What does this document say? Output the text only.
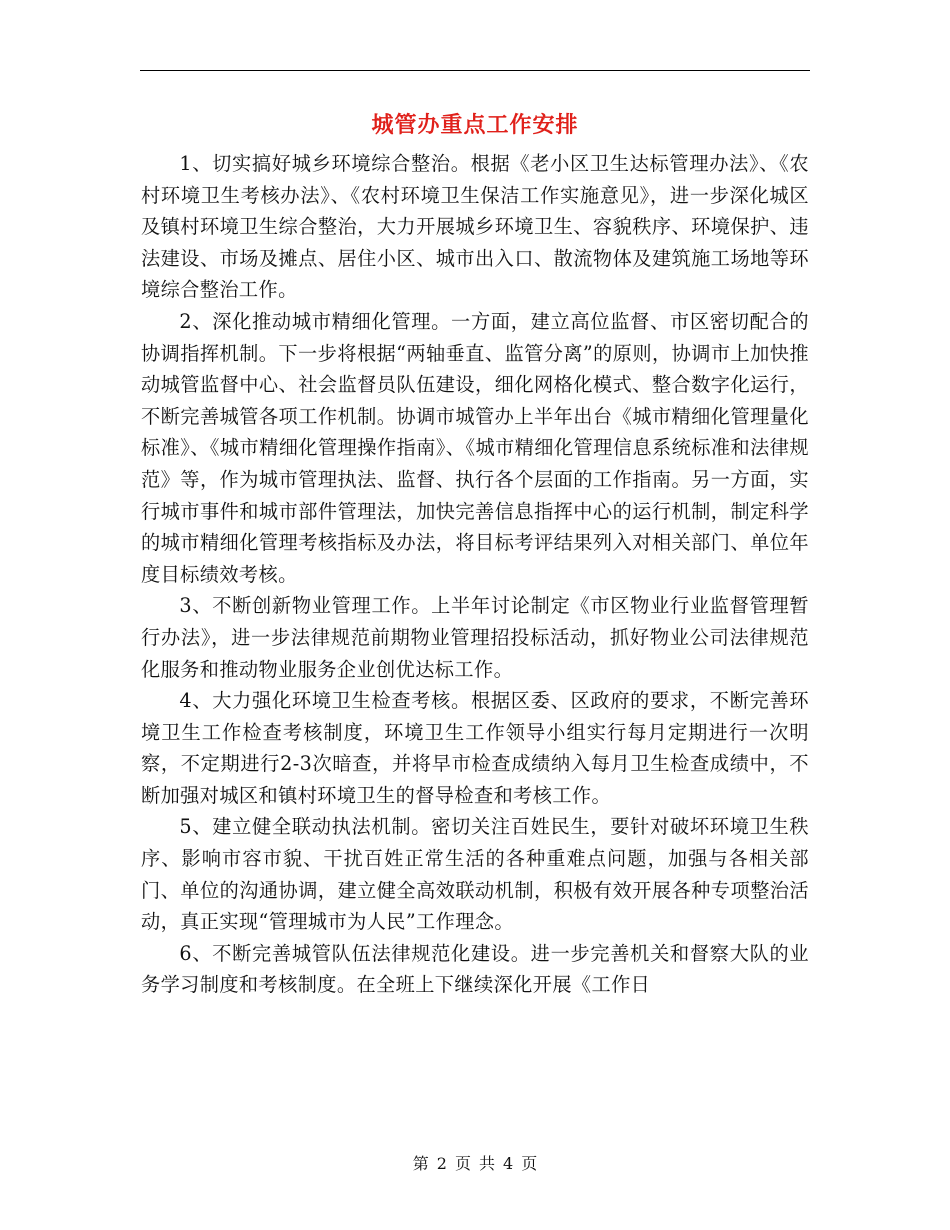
城管办重点工作安排

1、切实搞好城乡环境综合整治。根据《老小区卫生达标管理办法》、《农村环境卫生考核办法》、《农村环境卫生保洁工作实施意见》，进一步深化城区及镇村环境卫生综合整治，大力开展城乡环境卫生、容貌秩序、环境保护、违法建设、市场及摊点、居住小区、城市出入口、散流物体及建筑施工场地等环境综合整治工作。

2、深化推动城市精细化管理。一方面，建立高位监督、市区密切配合的协调指挥机制。下一步将根据“两轴垂直、监管分离”的原则，协调市上加快推动城管监督中心、社会监督员队伍建设，细化网格化模式、整合数字化运行，不断完善城管各项工作机制。协调市城管办上半年出台《城市精细化管理量化标准》、《城市精细化管理操作指南》、《城市精细化管理信息系统标准和法律规范》等，作为城市管理执法、监督、执行各个层面的工作指南。另一方面，实行城市事件和城市部件管理法，加快完善信息指挥中心的运行机制，制定科学的城市精细化管理考核指标及办法，将目标考评结果列入对相关部门、单位年度目标绩效考核。

3、不断创新物业管理工作。上半年讨论制定《市区物业行业监督管理暂行办法》，进一步法律规范前期物业管理招投标活动，抓好物业公司法律规范化服务和推动物业服务企业创优达标工作。

4、大力强化环境卫生检查考核。根据区委、区政府的要求，不断完善环境卫生工作检查考核制度，环境卫生工作领导小组实行每月定期进行一次明察，不定期进行2-3次暗查，并将早市检查成绩纳入每月卫生检查成绩中，不断加强对城区和镇村环境卫生的督导检查和考核工作。

5、建立健全联动执法机制。密切关注百姓民生，要针对破坏环境卫生秩序、影响市容市貌、干扰百姓正常生活的各种重难点问题，加强与各相关部门、单位的沟通协调，建立健全高效联动机制，积极有效开展各种专项整治活动，真正实现“管理城市为人民”工作理念。

6、不断完善城管队伍法律规范化建设。进一步完善机关和督察大队的业务学习制度和考核制度。在全班上下继续深化开展《工作日

第 2 页 共 4 页
